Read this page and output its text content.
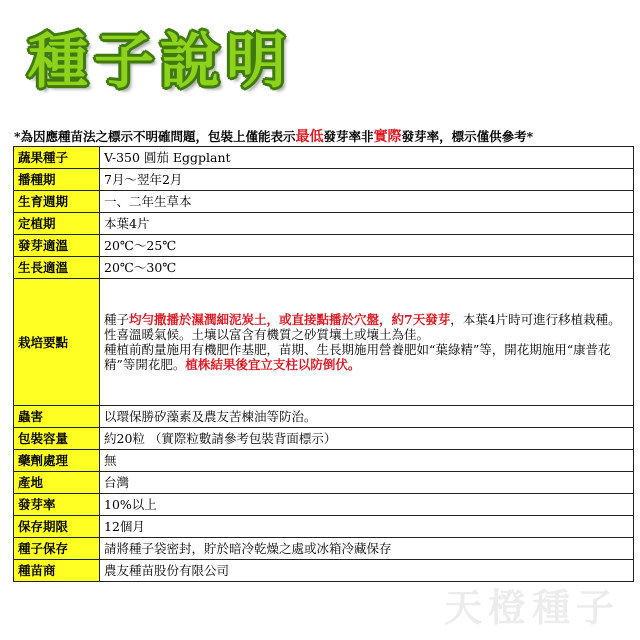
種子說明
*為因應種苗法之標示不明確問題，包裝上僅能表示最低發芽率非實際發芽率，標示僅供參考*
蔬果種子	V-350 圓茄 Eggplant
播種期	7月～翌年2月
生育週期	一、二年生草本
定植期	本葉4片
發芽適溫	20℃～25℃
生長適溫	20℃～30℃
栽培要點	種子均勻撒播於濕潤細泥炭土，或直接點播於穴盤，約7天發芽，本葉4片時可進行移植栽種。性喜溫暖氣候。土壤以富含有機質之砂質壤土或壤土為佳。
種植前酌量施用有機肥作基肥，苗期、生長期施用營養肥如“葉綠精”等，開花期施用“康普花精”等開花肥。植株結果後宜立支柱以防倒伏。

蟲害	以環保勝矽藻素及農友苦楝油等防治。
包裝容量	約20粒 （實際粒數請參考包裝背面標示）
藥劑處理	無
產地	台灣
發芽率	10%以上
保存期限	12個月
種子保存	請將種子袋密封，貯於暗冷乾燥之處或冰箱冷藏保存
種苗商	農友種苗股份有限公司
天橙種子
